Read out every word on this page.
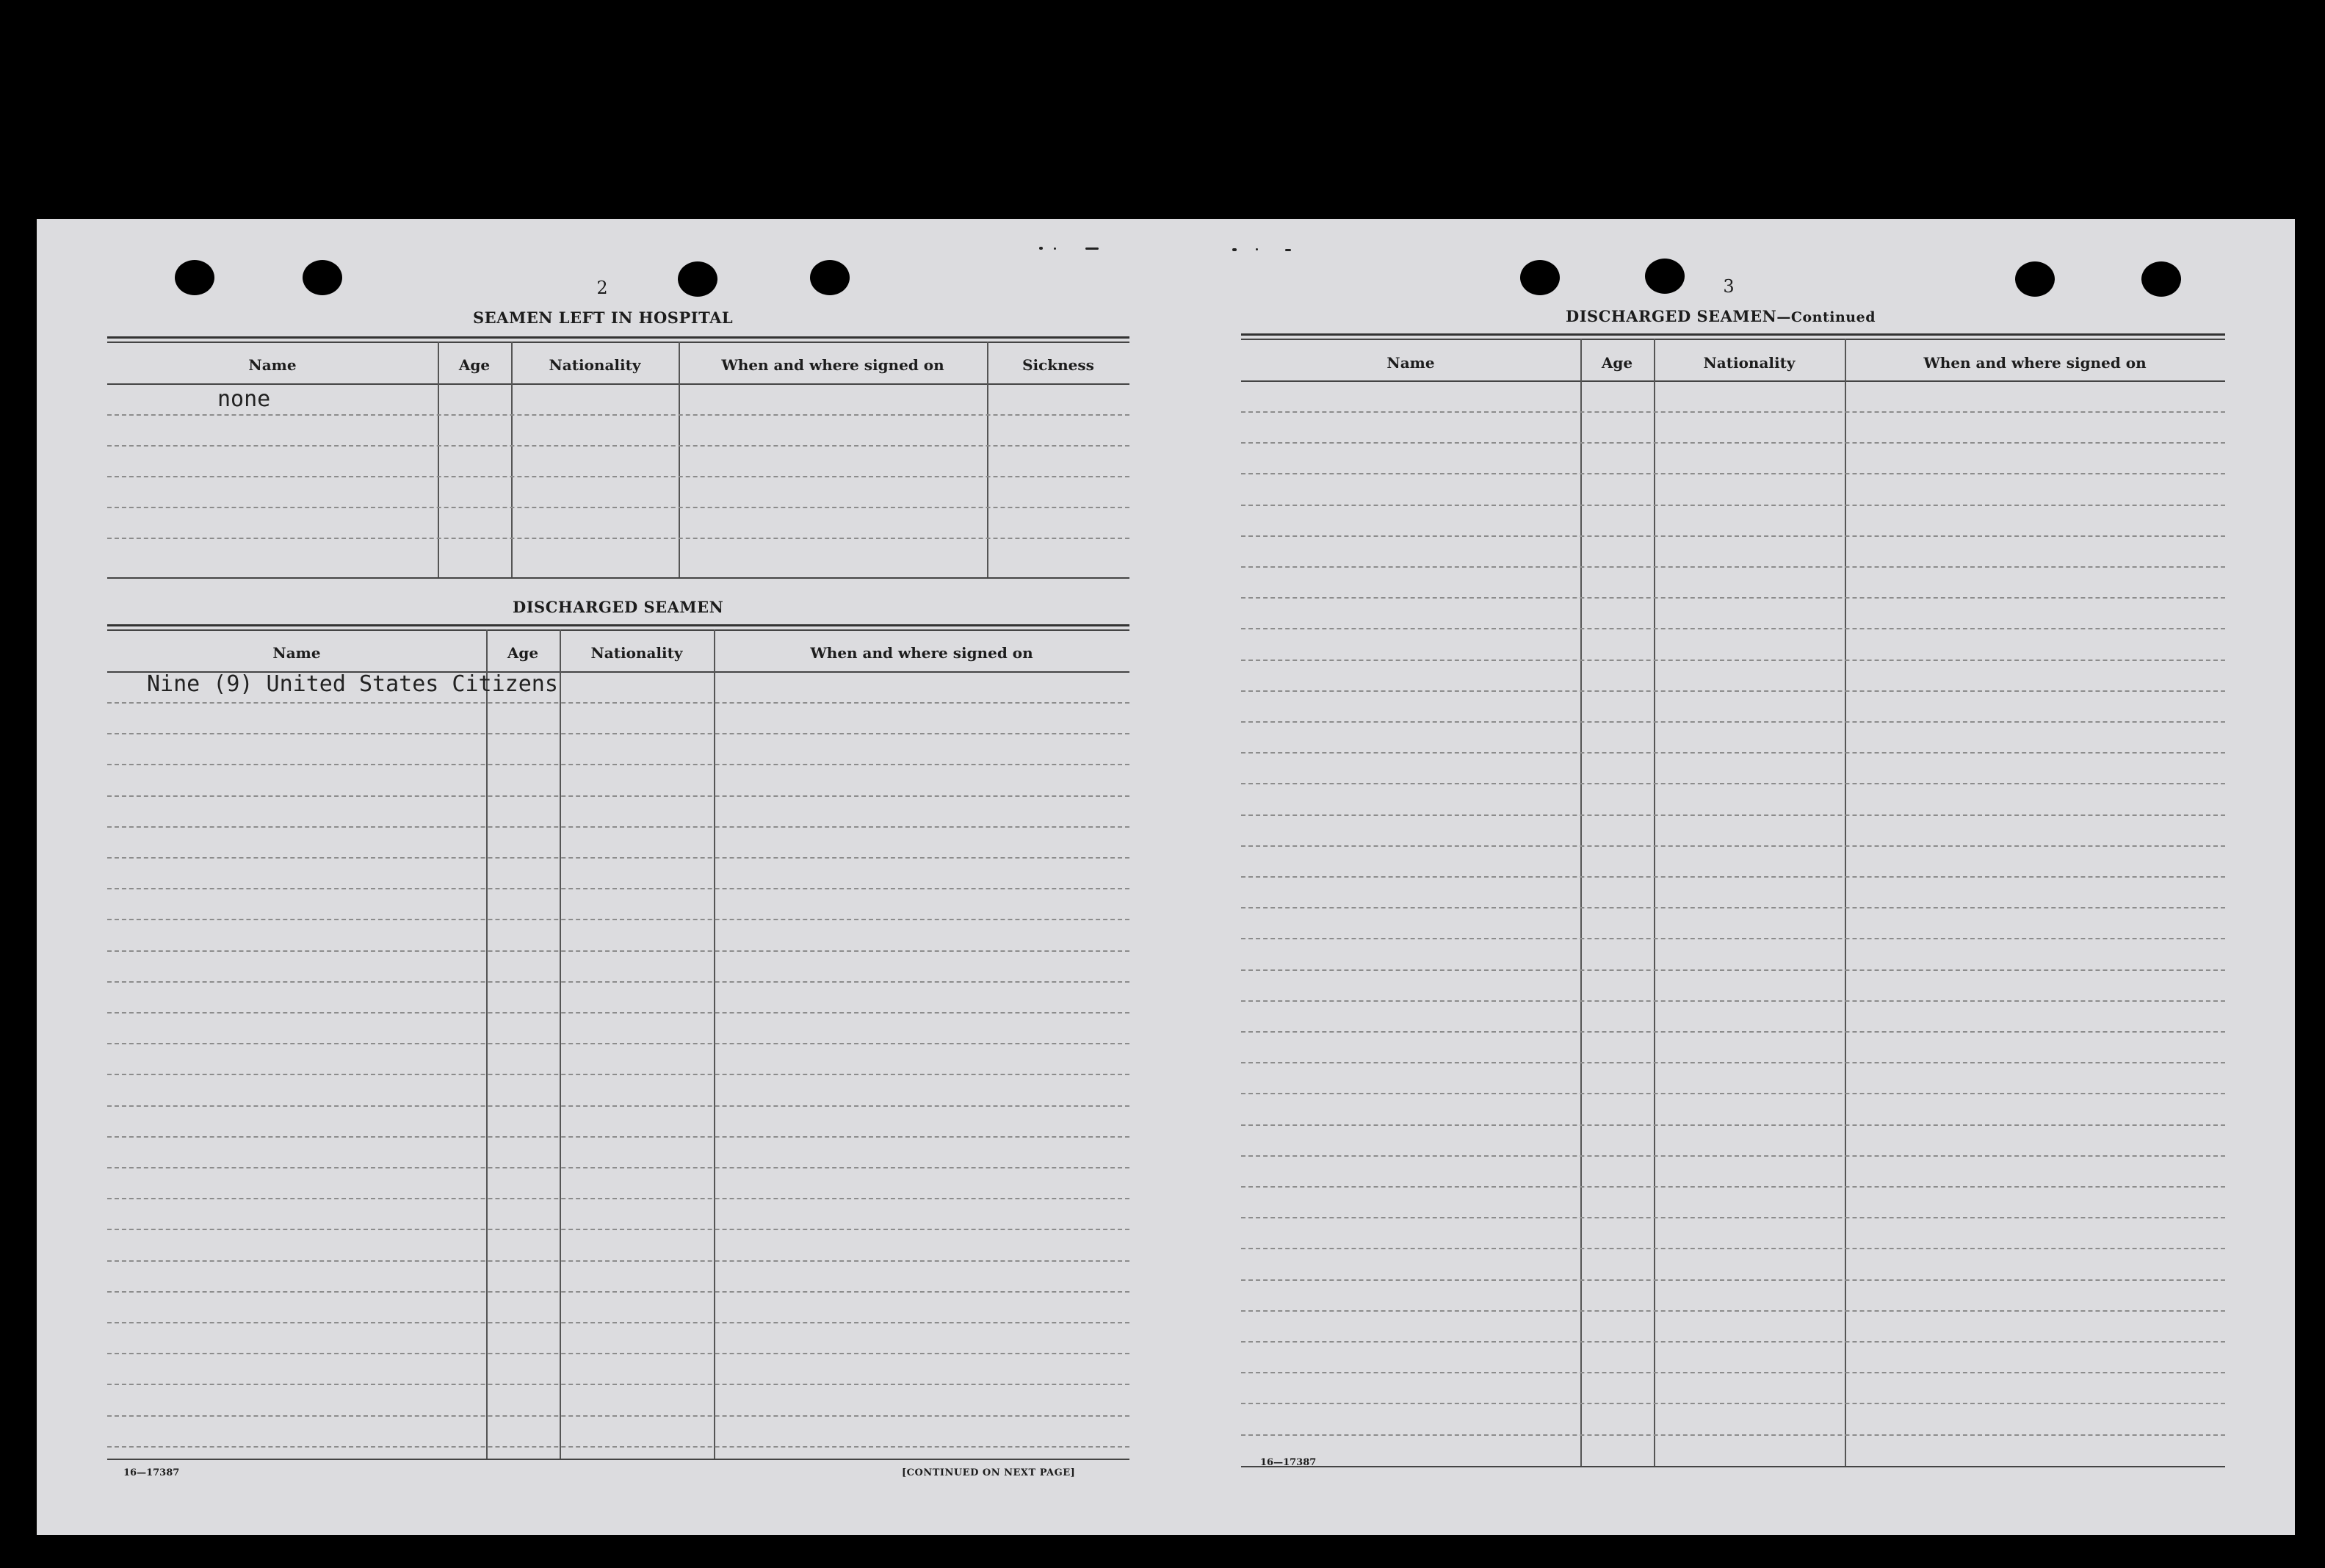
2
SEAMEN LEFT IN HOSPITAL
Name	Age	Nationality	When and where signed on	Sickness
none
DISCHARGED SEAMEN
Name	Age	Nationality	When and where signed on
Nine (9) United States Citizens
16—17387	[CONTINUED ON NEXT PAGE]
3
DISCHARGED SEAMEN—Continued
Name	Age	Nationality	When and where signed on
16—17387
